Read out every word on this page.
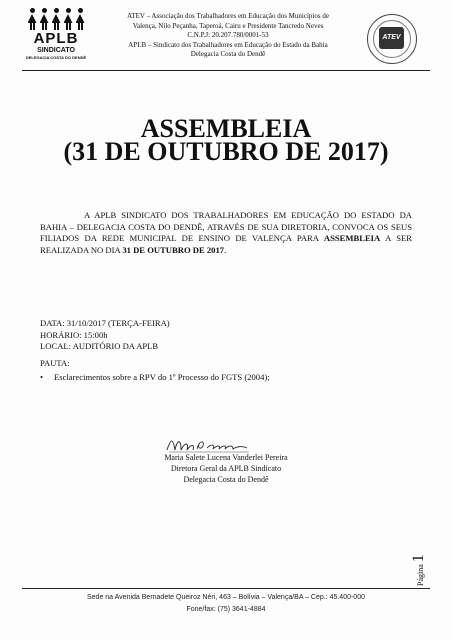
APLB
SINDICATO
DELEGACIA COSTA DO DENDÊ
ATEV – Associação dos Trabalhadores em Educação dos Municípios de
Valença, Nilo Peçanha, Taperoá, Cairu e Presidente Tancredo Neves
C.N.P.J: 20.207.780/0001-53
APLB – Sindicato dos Trabalhadores em Educação do Estado da Bahia
Delegacia Costa do Dendê
ATEV
ASSEMBLEIA
(31 DE OUTUBRO DE 2017)
A APLB SINDICATO DOS TRABALHADORES EM EDUCAÇÃO DO ESTADO DA BAHIA – DELEGACIA COSTA DO DENDÊ, ATRAVÉS DE SUA DIRETORIA, CONVOCA OS SEUS FILIADOS DA REDE MUNICIPAL DE ENSINO DE VALENÇA PARA ASSEMBLEIA A SER REALIZADA NO DIA 31 DE OUTUBRO DE 2017.
DATA: 31/10/2017 (TERÇA-FEIRA)
HORÁRIO: 15:00h
LOCAL: AUDITÓRIO DA APLB
PAUTA:
• Esclarecimentos sobre a RPV do 1º Processo do FGTS (2004);
Maria Salete Lucena Vanderlei Pereira
Diretora Geral da APLB Sindicato
Delegacia Costa do Dendê
Página 1
Sede na Avenida Bernadete Queiroz Néri, 463 – Bolívia – Valença/BA – Cep.: 45.400-000
Fone/fax: (75) 3641-4884
